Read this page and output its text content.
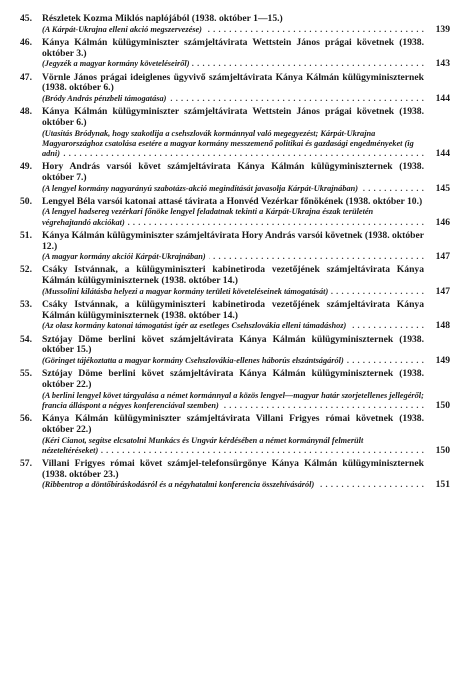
45.	Részletek Kozma Miklós naplójából (1938. október 1—15.)
(A Kárpát-Ukrajna elleni akció megszervezése) . . .	139
46.	Kánya Kálmán külügyminiszter számjeltávirata Wettstein János prágai követnek (1938. október 3.)
(Jegyzék a magyar kormány követeléseiről) . . .	143
47.	Vörnle János prágai ideiglenes ügyvivő számjeltávirata Kánya Kálmán külügyminiszternek (1938. október 6.)
(Bródy András pénzbeli támogatása) . . .	144
48.	Kánya Kálmán külügyminiszter számjeltávirata Wettstein János prágai követnek (1938. október 6.)
(Utasítás Bródynak, hogy szakotlija a csehszlovák kormánnyal való megegyezést; Kárpát-Ukrajna Magyarországhoz csatolása esetére a magyar kormány messzemenő politikai és gazdasági engedményeket (ig adni) . . .	144
49.	Hory András varsói követ számjeltávirata Kánya Kálmán külügyminiszternek (1938. október 7.)
(A lengyel kormány nagyarányú szabotázs-akció megindítását javasolja Kárpát-Ukrajnában) . . .	145
50.	Lengyel Béla varsói katonai attasé távirata a Honvéd Vezérkar főnökének (1938. október 10.)
(A lengyel hadsereg vezérkari főnöke lengyel feladatnak tekinti a Kárpát-Ukrajna észak területén végrehajtandó akciókat) . . .	146
51.	Kánya Kálmán külügyminiszter számjeltávirata Hory András varsói követnek (1938. október 12.)
(A magyar kormány akciói Kárpát-Ukrajnában) . . .	147
52.	Csáky Istvánnak, a külügyminiszteri kabinetiroda vezetőjének számjeltávirata Kánya Kálmán külügyminiszternek (1938. október 14.)
(Mussolini kilátásba helyezi a magyar kormány területi követeléseinek támogatását) . . .	147
53.	Csáky Istvánnak, a külügyminiszteri kabinetiroda vezetőjének számjeltávirata Kánya Kálmán külügyminiszternek (1938. október 14.)
(Az olasz kormány katonai támogatást ígér az esetleges Csehszlovákia elleni támadáshoz) . . .	148
54.	Sztójay Döme berlini követ számjeltávirata Kánya Kálmán külügyminiszternek (1938. október 15.)
(Göringet tájékoztatta a magyar kormány Csehszlovákia-ellenes háborús elszántságáról) . . .	149
55.	Sztójay Döme berlini követ számjeltávirata Kánya Kálmán külügyminiszternek (1938. október 22.)
(A berlini lengyel követ tárgyalása a német kormánnyal a közös lengyel—magyar határ szorjetellenes jellegéről; francia álláspont a négyes konferenciával szemben) . . .	150
56.	Kánya Kálmán külügyminiszter számjeltávirata Villani Frigyes római követnek (1938. október 22.)
(Kéri Cianot, segítse elcsatolni Munkács és Ungvár kérdésében a német kormánynál felmerült nézeteltéréseket) . . .	150
57.	Villani Frigyes római követ számjel-telefonsürgönye Kánya Kálmán külügyminiszternek (1938. október 23.)
(Ribbentrop a döntőbíráskodásról és a négyhatalmi konferencia összehívásáról) . . .	151
